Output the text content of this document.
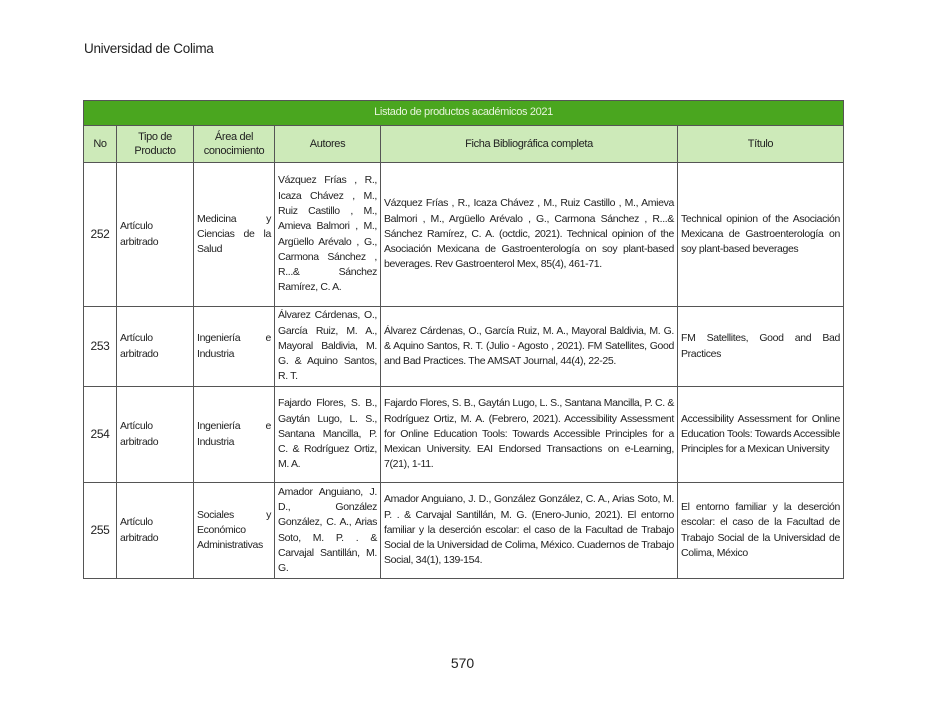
Universidad de Colima
Listado de productos académicos 2021					
No	Tipo de Producto	Área del conocimiento	Autores	Ficha Bibliográfica completa	Título
252	Artículo arbitrado	Medicina y Ciencias de la Salud	Vázquez Frías , R., Icaza Chávez , M., Ruiz Castillo , M., Amieva Balmori , M., Argüello Arévalo , G., Carmona Sánchez , R...& Sánchez Ramírez, C. A.	Vázquez Frías , R., Icaza Chávez , M., Ruiz Castillo , M., Amieva Balmori , M., Argüello Arévalo , G., Carmona Sánchez , R...& Sánchez Ramírez, C. A. (octdic, 2021). Technical opinion of the Asociación Mexicana de Gastroenterología on soy plant-based beverages. Rev Gastroenterol Mex, 85(4), 461-71.	Technical opinion of the Asociación Mexicana de Gastroenterología on soy plant-based beverages
253	Artículo arbitrado	Ingeniería e Industria	Álvarez Cárdenas, O., García Ruiz, M. A., Mayoral Baldivia, M. G. & Aquino Santos, R. T.	Álvarez Cárdenas, O., García Ruiz, M. A., Mayoral Baldivia, M. G. & Aquino Santos, R. T. (Julio - Agosto , 2021). FM Satellites, Good and Bad Practices. The AMSAT Journal, 44(4), 22-25.	FM Satellites, Good and Bad Practices
254	Artículo arbitrado	Ingeniería e Industria	Fajardo Flores, S. B., Gaytán Lugo, L. S., Santana Mancilla, P. C. & Rodríguez Ortiz, M. A.	Fajardo Flores, S. B., Gaytán Lugo, L. S., Santana Mancilla, P. C. & Rodríguez Ortiz, M. A. (Febrero, 2021). Accessibility Assessment for Online Education Tools: Towards Accessible Principles for a Mexican University. EAI Endorsed Transactions on e-Learning, 7(21), 1-11.	Accessibility Assessment for Online Education Tools: Towards Accessible Principles for a Mexican University
255	Artículo arbitrado	Sociales y Económico Administrativas	Amador Anguiano, J. D., González González, C. A., Arias Soto, M. P. . & Carvajal Santillán, M. G.	Amador Anguiano, J. D., González González, C. A., Arias Soto, M. P. . & Carvajal Santillán, M. G. (Enero-Junio, 2021). El entorno familiar y la deserción escolar: el caso de la Facultad de Trabajo Social de la Universidad de Colima, México. Cuadernos de Trabajo Social, 34(1), 139-154.	El entorno familiar y la deserción escolar: el caso de la Facultad de Trabajo Social de la Universidad de Colima, México
570
